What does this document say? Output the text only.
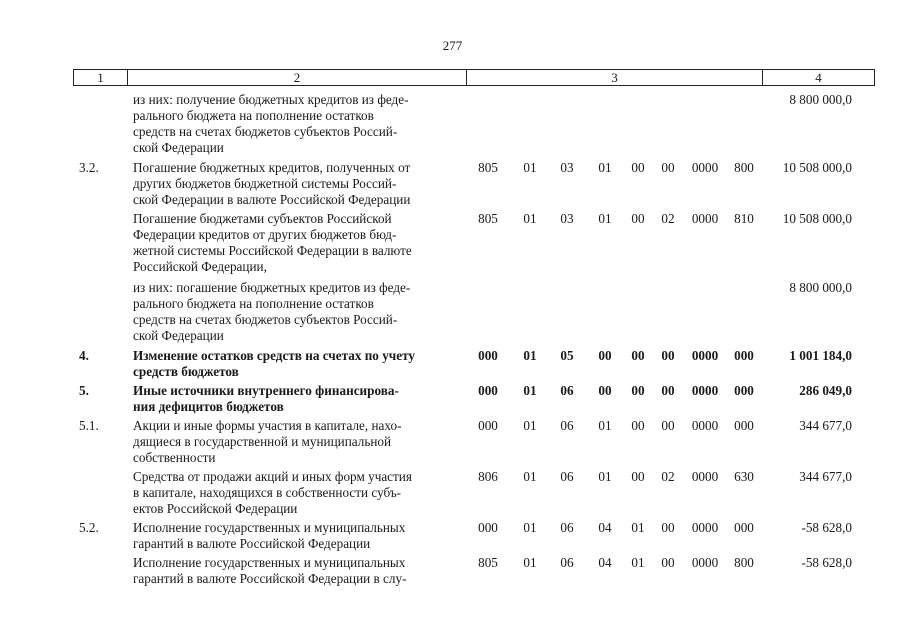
277
1	2	3	4
из них: получение бюджетных кредитов из феде-
рального бюджета на пополнение остатков
средств на счетах бюджетов субъектов Россий-
ской Федерации
8 800 000,0
3.2.	Погашение бюджетных кредитов, полученных от
других бюджетов бюджетной системы Россий-
ской Федерации в валюте Российской Федерации
805	01	03	01	00	00	0000	800	10 508 000,0
Погашение бюджетами субъектов Российской
Федерации кредитов от других бюджетов бюд-
жетной системы Российской Федерации в валюте
Российской Федерации,
805	01	03	01	00	02	0000	810	10 508 000,0
из них: погашение бюджетных кредитов из феде-
рального бюджета на пополнение остатков
средств на счетах бюджетов субъектов Россий-
ской Федерации
8 800 000,0
4.	Изменение остатков средств на счетах по учету
средств бюджетов
000	01	05	00	00	00	0000	000	1 001 184,0
5.	Иные источники внутреннего финансирова-
ния дефицитов бюджетов
000	01	06	00	00	00	0000	000	286 049,0
5.1.	Акции и иные формы участия в капитале, нахо-
дящиеся в государственной и муниципальной
собственности
000	01	06	01	00	00	0000	000	344 677,0
Средства от продажи акций и иных форм участия
в капитале, находящихся в собственности субъ-
ектов Российской Федерации
806	01	06	01	00	02	0000	630	344 677,0
5.2.	Исполнение государственных и муниципальных
гарантий в валюте Российской Федерации
000	01	06	04	01	00	0000	000	-58 628,0
Исполнение государственных и муниципальных
гарантий в валюте Российской Федерации в слу-
805	01	06	04	01	00	0000	800	-58 628,0
